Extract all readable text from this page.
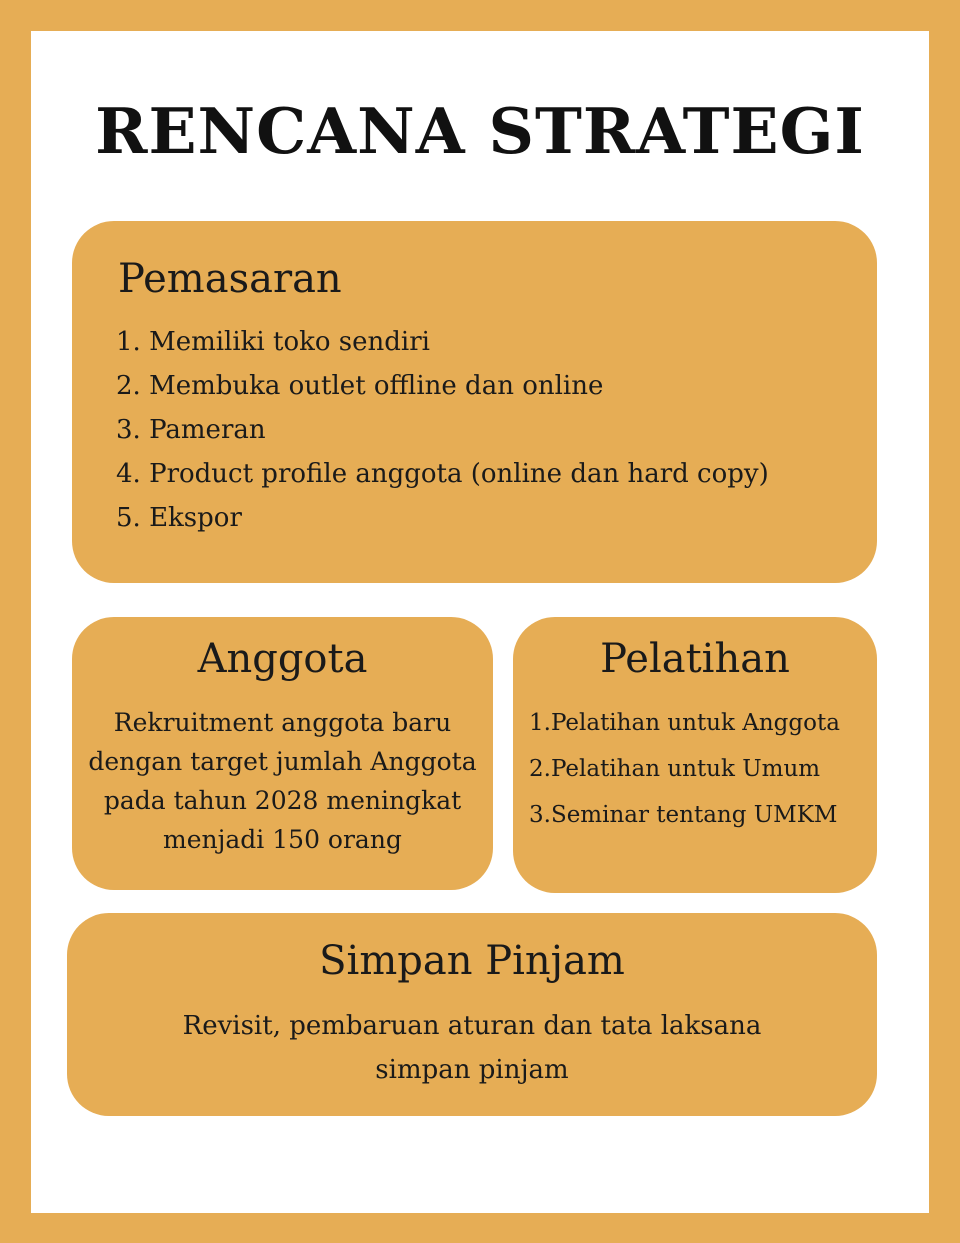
RENCANA STRATEGI
Pemasaran
1. Memiliki toko sendiri
2. Membuka outlet offline dan online
3. Pameran
4. Product profile anggota (online dan hard copy)
5. Ekspor
Anggota
Rekruitment anggota baru
dengan target jumlah Anggota
pada tahun 2028 meningkat
menjadi 150 orang
Pelatihan
1.Pelatihan untuk Anggota
2.Pelatihan untuk Umum
3.Seminar tentang UMKM
Simpan Pinjam
Revisit, pembaruan aturan dan tata laksana
simpan pinjam
